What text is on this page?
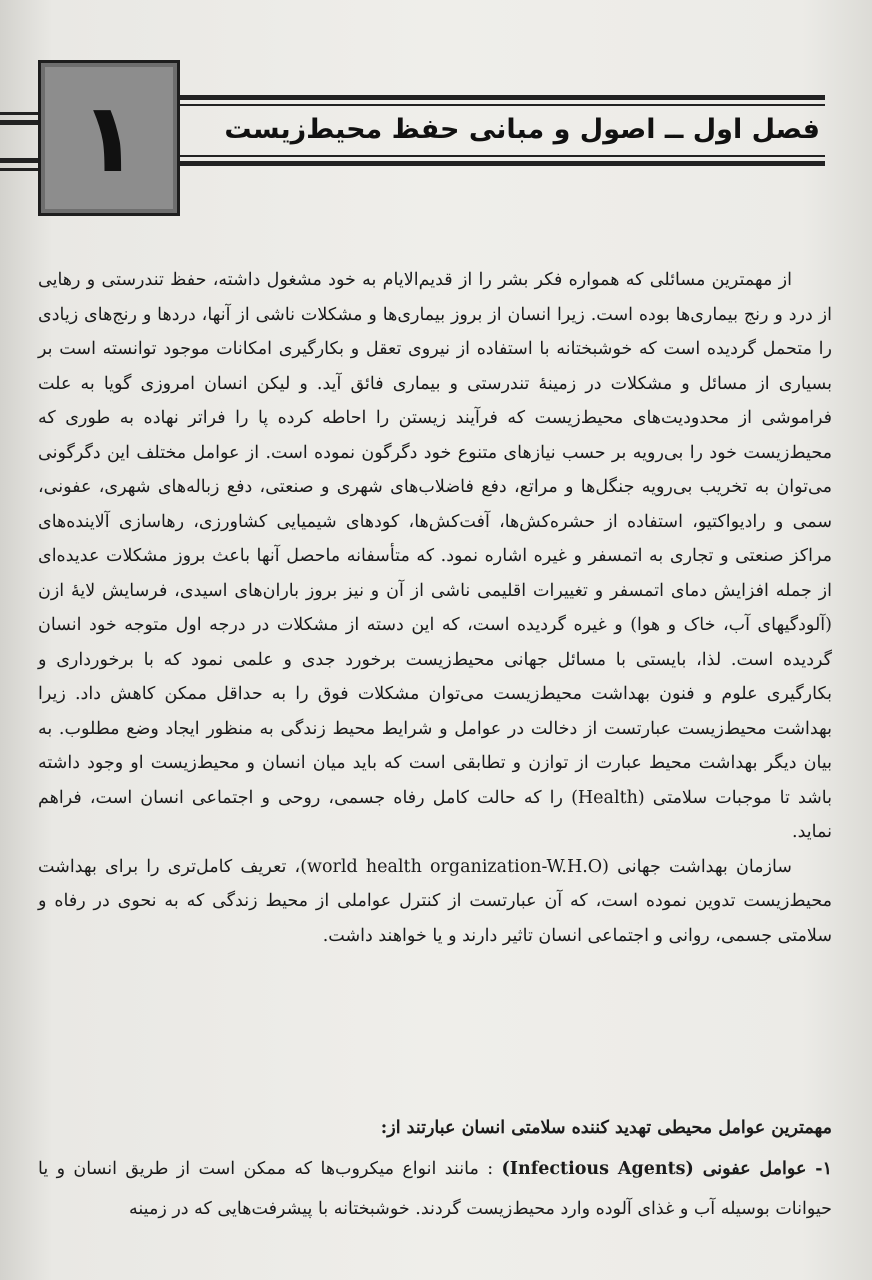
۱	فصل اول ــ اصول و مبانی حفظ محیط‌زیست

از مهمترین مسائلی که همواره فکر بشر را از قدیم‌الایام به خود مشغول داشته، حفظ تندرستی و رهایی از درد و رنج بیماری‌ها بوده است. زیرا انسان از بروز بیماری‌ها و مشکلات ناشی از آنها، دردها و رنج‌های زیادی را متحمل گردیده است که خوشبختانه با استفاده از نیروی تعقل و بکارگیری امکانات موجود توانسته است بر بسیاری از مسائل و مشکلات در زمینهٔ تندرستی و بیماری فائق آید. و لیکن انسان امروزی گویا به علت فراموشی از محدودیت‌های محیط‌زیست که فرآیند زیستن را احاطه کرده پا را فراتر نهاده به طوری که محیط‌زیست خود را بی‌رویه بر حسب نیازهای متنوع خود دگرگون نموده است. از عوامل مختلف این دگرگونی می‌توان به تخریب بی‌رویه جنگل‌ها و مراتع، دفع فاضلاب‌های شهری و صنعتی، دفع زباله‌های شهری، عفونی، سمی و رادیواکتیو، استفاده از حشره‌کش‌ها، آفت‌کش‌ها، کودهای شیمیایی کشاورزی، رهاسازی آلاینده‌های مراکز صنعتی و تجاری به اتمسفر و غیره اشاره نمود. که متأسفانه ماحصل آنها باعث بروز مشکلات عدیده‌ای از جمله افزایش دمای اتمسفر و تغییرات اقلیمی ناشی از آن و نیز بروز باران‌های اسیدی، فرسایش لایهٔ ازن (آلودگیهای آب، خاک و هوا) و غیره گردیده است، که این دسته از مشکلات در درجه اول متوجه خود انسان گردیده است. لذا، بایستی با مسائل جهانی محیط‌زیست برخورد جدی و علمی نمود که با برخورداری و بکارگیری علوم و فنون بهداشت محیط‌زیست می‌توان مشکلات فوق را به حداقل ممکن کاهش داد. زیرا بهداشت محیط‌زیست عبارتست از دخالت در عوامل و شرایط محیط زندگی به منظور ایجاد وضع مطلوب. به بیان دیگر بهداشت محیط عبارت از توازن و تطابقی است که باید میان انسان و محیط‌زیست او وجود داشته باشد تا موجبات سلامتی (Health) را که حالت کامل رفاه جسمی، روحی و اجتماعی انسان است، فراهم نماید.

سازمان بهداشت جهانی (world health organization-W.H.O)، تعریف کامل‌تری را برای بهداشت محیط‌زیست تدوین نموده است، که آن عبارتست از کنترل عواملی از محیط زندگی که به نحوی در رفاه و سلامتی جسمی، روانی و اجتماعی انسان تاثیر دارند و یا خواهند داشت.

مهمترین عوامل محیطی تهدید کننده سلامتی انسان عبارتند از:
۱- عوامل عفونی (Infectious Agents) : مانند انواع میکروب‌ها که ممکن است از طریق انسان و یا حیوانات بوسیله آب و غذای آلوده وارد محیط‌زیست گردند. خوشبختانه با پیشرفت‌هایی که در زمینه
